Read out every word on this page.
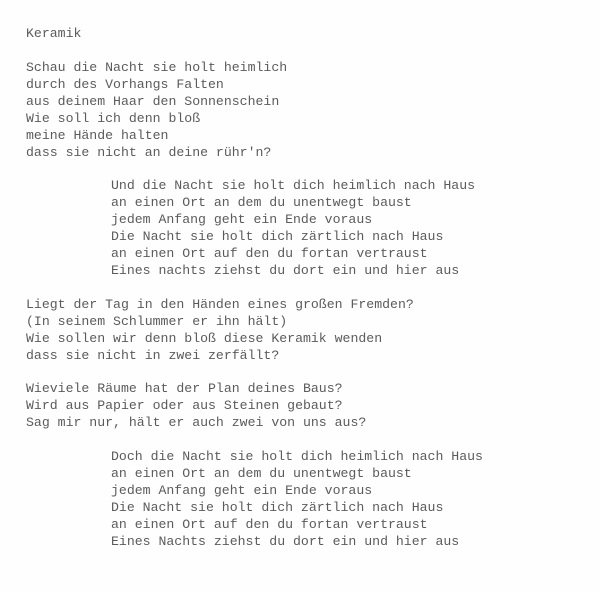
Keramik
Schau die Nacht sie holt heimlich
durch des Vorhangs Falten
aus deinem Haar den Sonnenschein
Wie soll ich denn bloß
meine Hände halten
dass sie nicht an deine rühr'n?
Und die Nacht sie holt dich heimlich nach Haus
an einen Ort an dem du unentwegt baust
jedem Anfang geht ein Ende voraus
Die Nacht sie holt dich zärtlich nach Haus
an einen Ort auf den du fortan vertraust
Eines nachts ziehst du dort ein und hier aus
Liegt der Tag in den Händen eines großen Fremden?
(In seinem Schlummer er ihn hält)
Wie sollen wir denn bloß diese Keramik wenden
dass sie nicht in zwei zerfällt?
Wieviele Räume hat der Plan deines Baus?
Wird aus Papier oder aus Steinen gebaut?
Sag mir nur, hält er auch zwei von uns aus?
Doch die Nacht sie holt dich heimlich nach Haus
an einen Ort an dem du unentwegt baust
jedem Anfang geht ein Ende voraus
Die Nacht sie holt dich zärtlich nach Haus
an einen Ort auf den du fortan vertraust
Eines Nachts ziehst du dort ein und hier aus
